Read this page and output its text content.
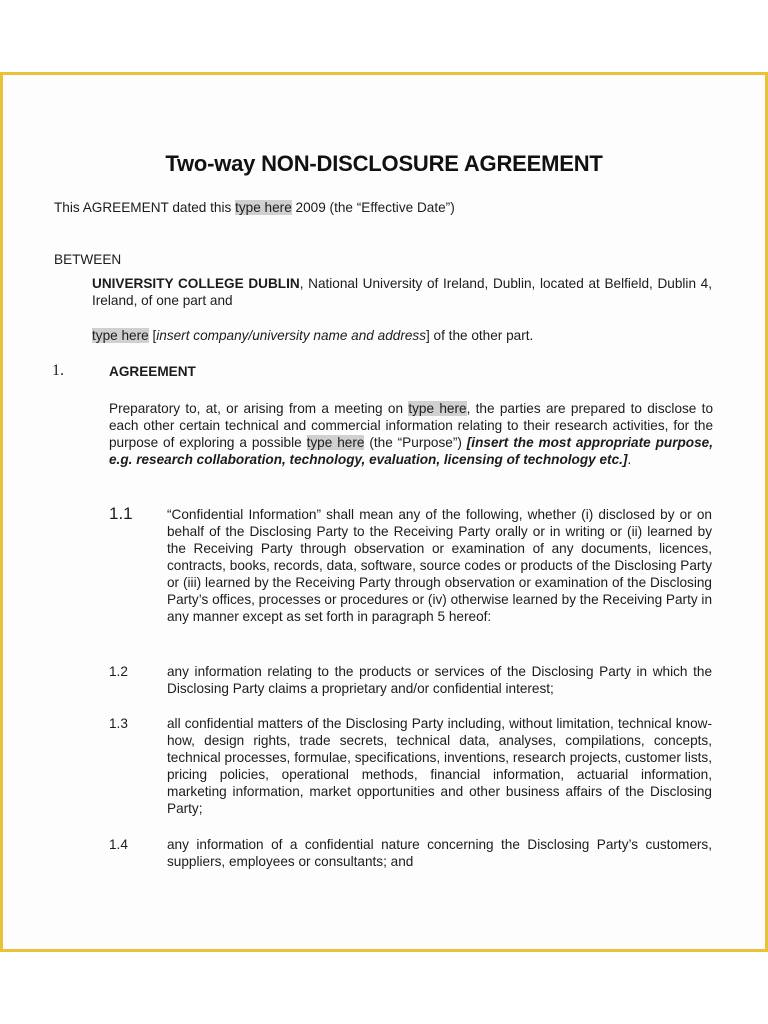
Two-way NON-DISCLOSURE AGREEMENT
This AGREEMENT dated this type here 2009 (the “Effective Date”)
BETWEEN
UNIVERSITY COLLEGE DUBLIN, National University of Ireland, Dublin, located at Belfield, Dublin 4, Ireland, of one part and
type here [insert company/university name and address] of the other part.
1.	AGREEMENT
Preparatory to, at, or arising from a meeting on type here, the parties are prepared to disclose to each other certain technical and commercial information relating to their research activities, for the purpose of exploring a possible type here (the “Purpose”) [insert the most appropriate purpose, e.g. research collaboration, technology, evaluation, licensing of technology etc.].
1.1	“Confidential Information” shall mean any of the following, whether (i) disclosed by or on behalf of the Disclosing Party to the Receiving Party orally or in writing or (ii) learned by the Receiving Party through observation or examination of any documents, licences, contracts, books, records, data, software, source codes or products of the Disclosing Party or (iii) learned by the Receiving Party through observation or examination of the Disclosing Party’s offices, processes or procedures or (iv) otherwise learned by the Receiving Party in any manner except as set forth in paragraph 5 hereof:
1.2	any information relating to the products or services of the Disclosing Party in which the Disclosing Party claims a proprietary and/or confidential interest;
1.3	all confidential matters of the Disclosing Party including, without limitation, technical know-how, design rights, trade secrets, technical data, analyses, compilations, concepts, technical processes, formulae, specifications, inventions, research projects, customer lists, pricing policies, operational methods, financial information, actuarial information, marketing information, market opportunities and other business affairs of the Disclosing Party;
1.4	any information of a confidential nature concerning the Disclosing Party’s customers, suppliers, employees or consultants; and
